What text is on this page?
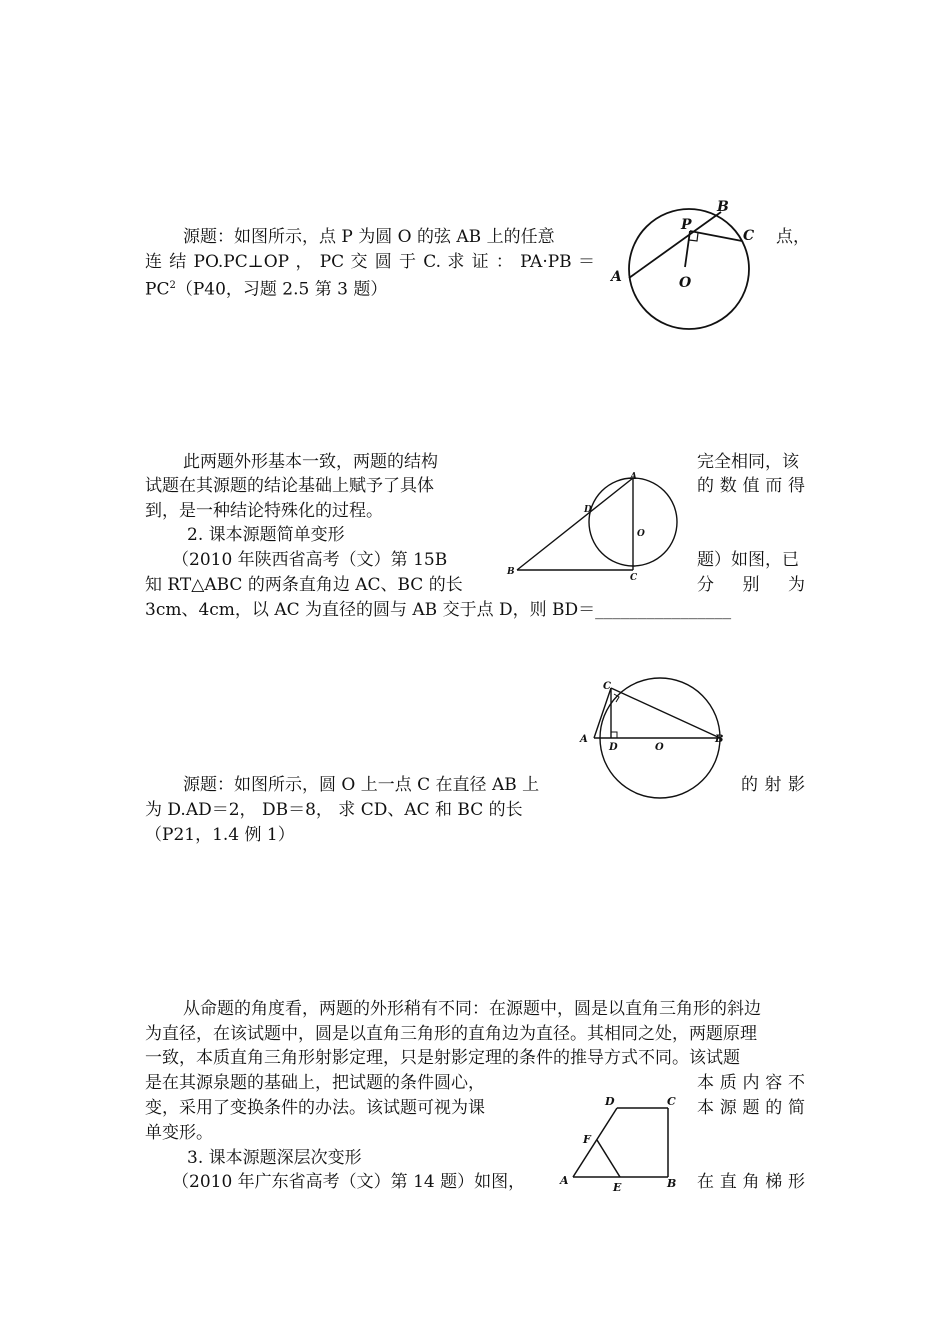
源题：如图所示，点 P 为圆 O 的弦 AB 上的任意	点，
连 结 PO.PC⊥OP ， PC 交 圆 于 C. 求 证 ： PA·PB ＝
$PC^2(P40$，习题 2.5 第 3 题）
A
B
C
P
O
此两题外形基本一致，两题的结构	完全相同，该
试题在其源题的结论基础上赋予了具体	的 数 值 而 得
到，是一种结论特殊化的过程。
2. 课本源题简单变形
（2010 年陕西省高考（文）第 15B	题）如图，已
知 RT△ABC 的两条直角边 AC、BC 的长	分　别　为
3cm、4cm，以 AC 为直径的圆与 AB 交于点 D，则 BD＝________________
A
B
C
D
O
A	B
C
D	O
源题：如图所示，圆 O 上一点 C 在直径 AB 上	的 射 影
为 D.AD＝2， DB＝8， 求 CD、AC 和 BC 的长
（P21，1.4 例 1）
从命题的角度看，两题的外形稍有不同：在源题中，圆是以直角三角形的斜边
为直径，在该试题中，圆是以直角三角形的直角边为直径。其相同之处，两题原理
一致，本质直角三角形射影定理，只是射影定理的条件的推导方式不同。该试题
是在其源泉题的基础上，把试题的条件圆心，	本 质 内 容 不
变，采用了变换条件的办法。该试题可视为课	本 源 题 的 简
单变形。
3. 课本源题深层次变形
（2010 年广东省高考（文）第 14 题）如图，	在 直 角 梯 形
A	B
C
D
E
F
